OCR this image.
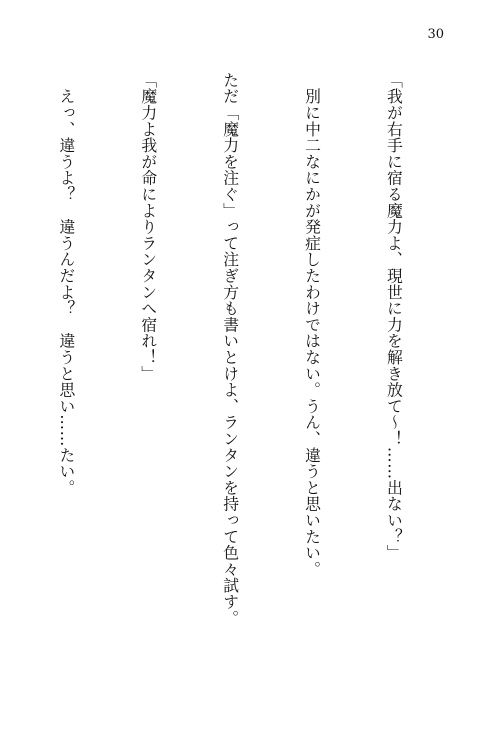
30

「我が右手に宿る魔力よ、現世に力を解き放て～！……出ない？」

　別に中二なにかが発症したわけではない。うん、違うと思いたい。

ただ「魔力を注ぐ」って注ぎ方も書いとけよ、ランタンを持って色々試す。

「魔力よ我が命によりランタンへ宿れ！」

　えっ、違うよ？　違うんだよ？　違うと思い……たい。
